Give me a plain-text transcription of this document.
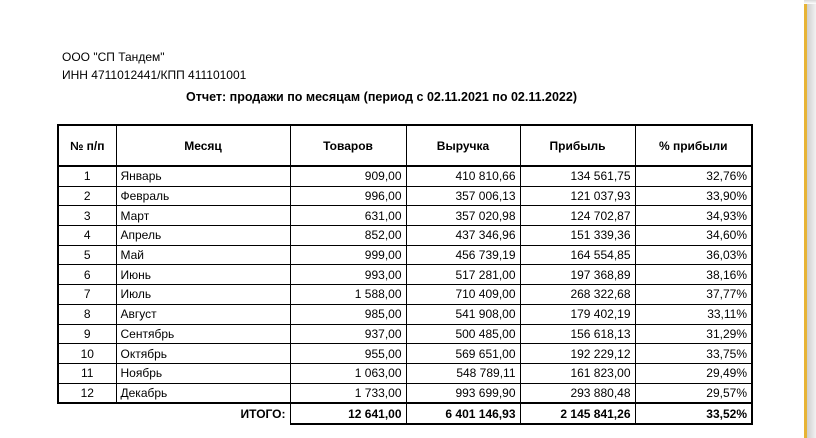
ООО "СП Тандем"
ИНН 4711012441/КПП 411101001
Отчет: продажи по месяцам (период с 02.11.2021 по 02.11.2022)
№ п/п	Месяц	Товаров	Выручка	Прибыль	% прибыли
1	Январь	909,00	410 810,66	134 561,75	32,76%
2	Февраль	996,00	357 006,13	121 037,93	33,90%
3	Март	631,00	357 020,98	124 702,87	34,93%
4	Апрель	852,00	437 346,96	151 339,36	34,60%
5	Май	999,00	456 739,19	164 554,85	36,03%
6	Июнь	993,00	517 281,00	197 368,89	38,16%
7	Июль	1 588,00	710 409,00	268 322,68	37,77%
8	Август	985,00	541 908,00	179 402,19	33,11%
9	Сентябрь	937,00	500 485,00	156 618,13	31,29%
10	Октябрь	955,00	569 651,00	192 229,12	33,75%
11	Ноябрь	1 063,00	548 789,11	161 823,00	29,49%
12	Декабрь	1 733,00	993 699,90	293 880,48	29,57%
	ИТОГО:	12 641,00	6 401 146,93	2 145 841,26	33,52%
